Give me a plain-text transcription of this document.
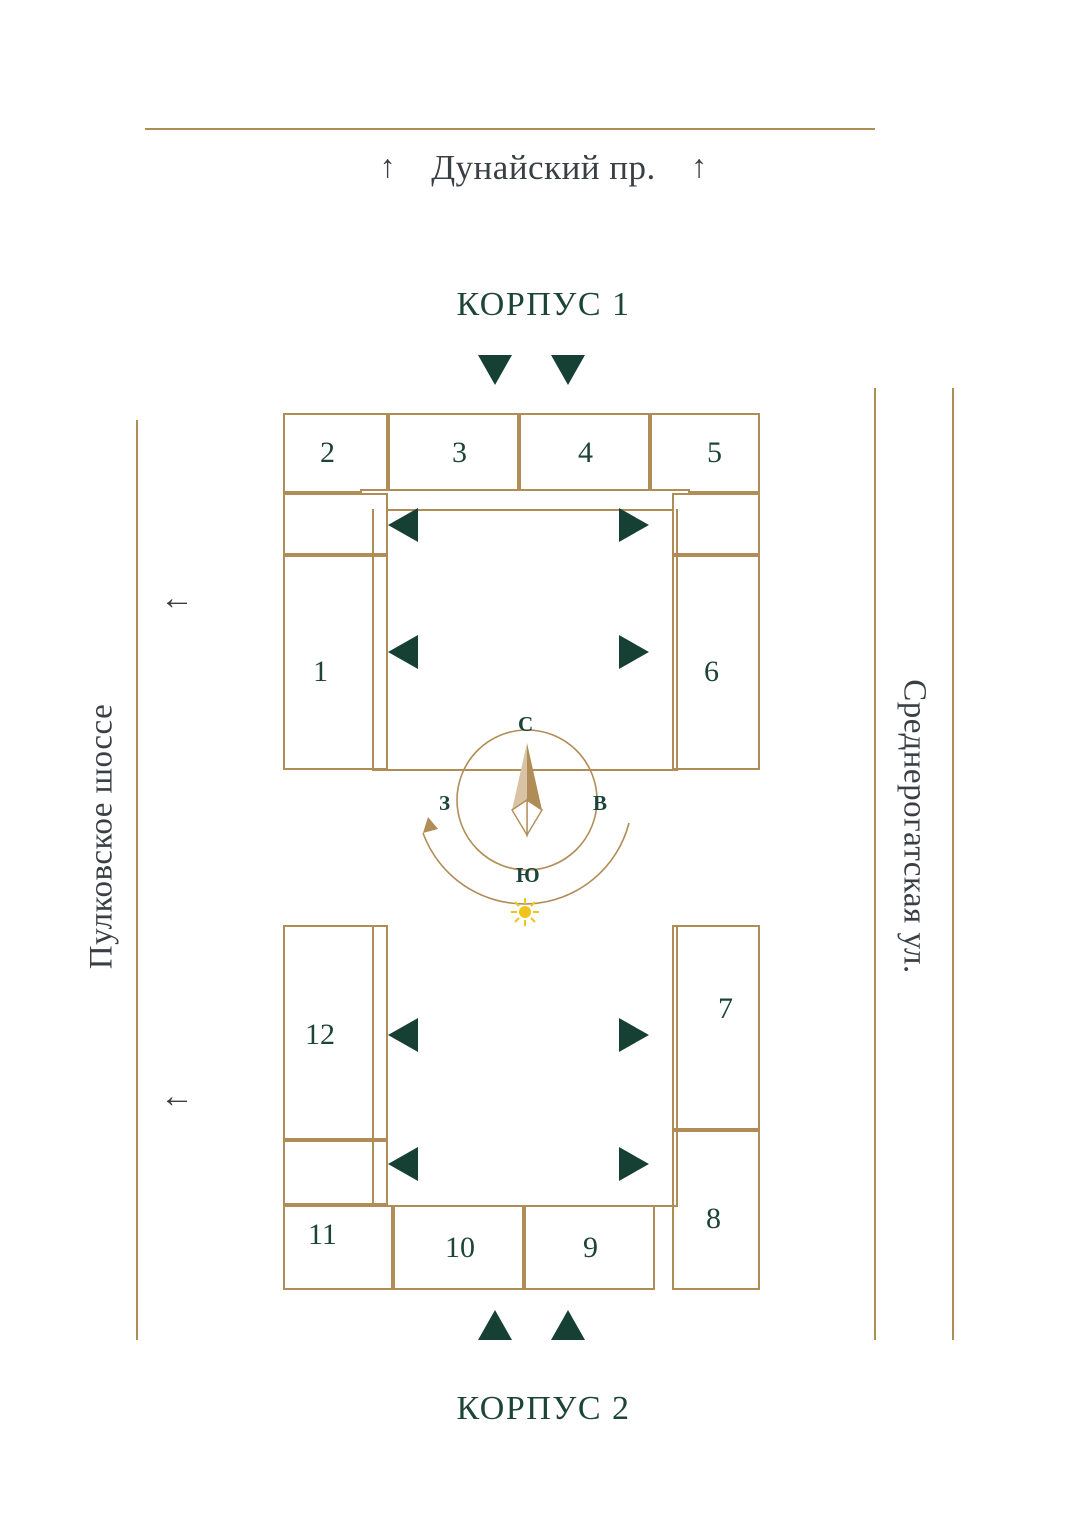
↑ Дунайский пр. ↑
←
←
Пулковское шоссе	Среднерогатская ул.
КОРПУС 1
КОРПУС 2
2	3	4	5
1	6
С
Ю
В
З
12
7
8
11	10	9
